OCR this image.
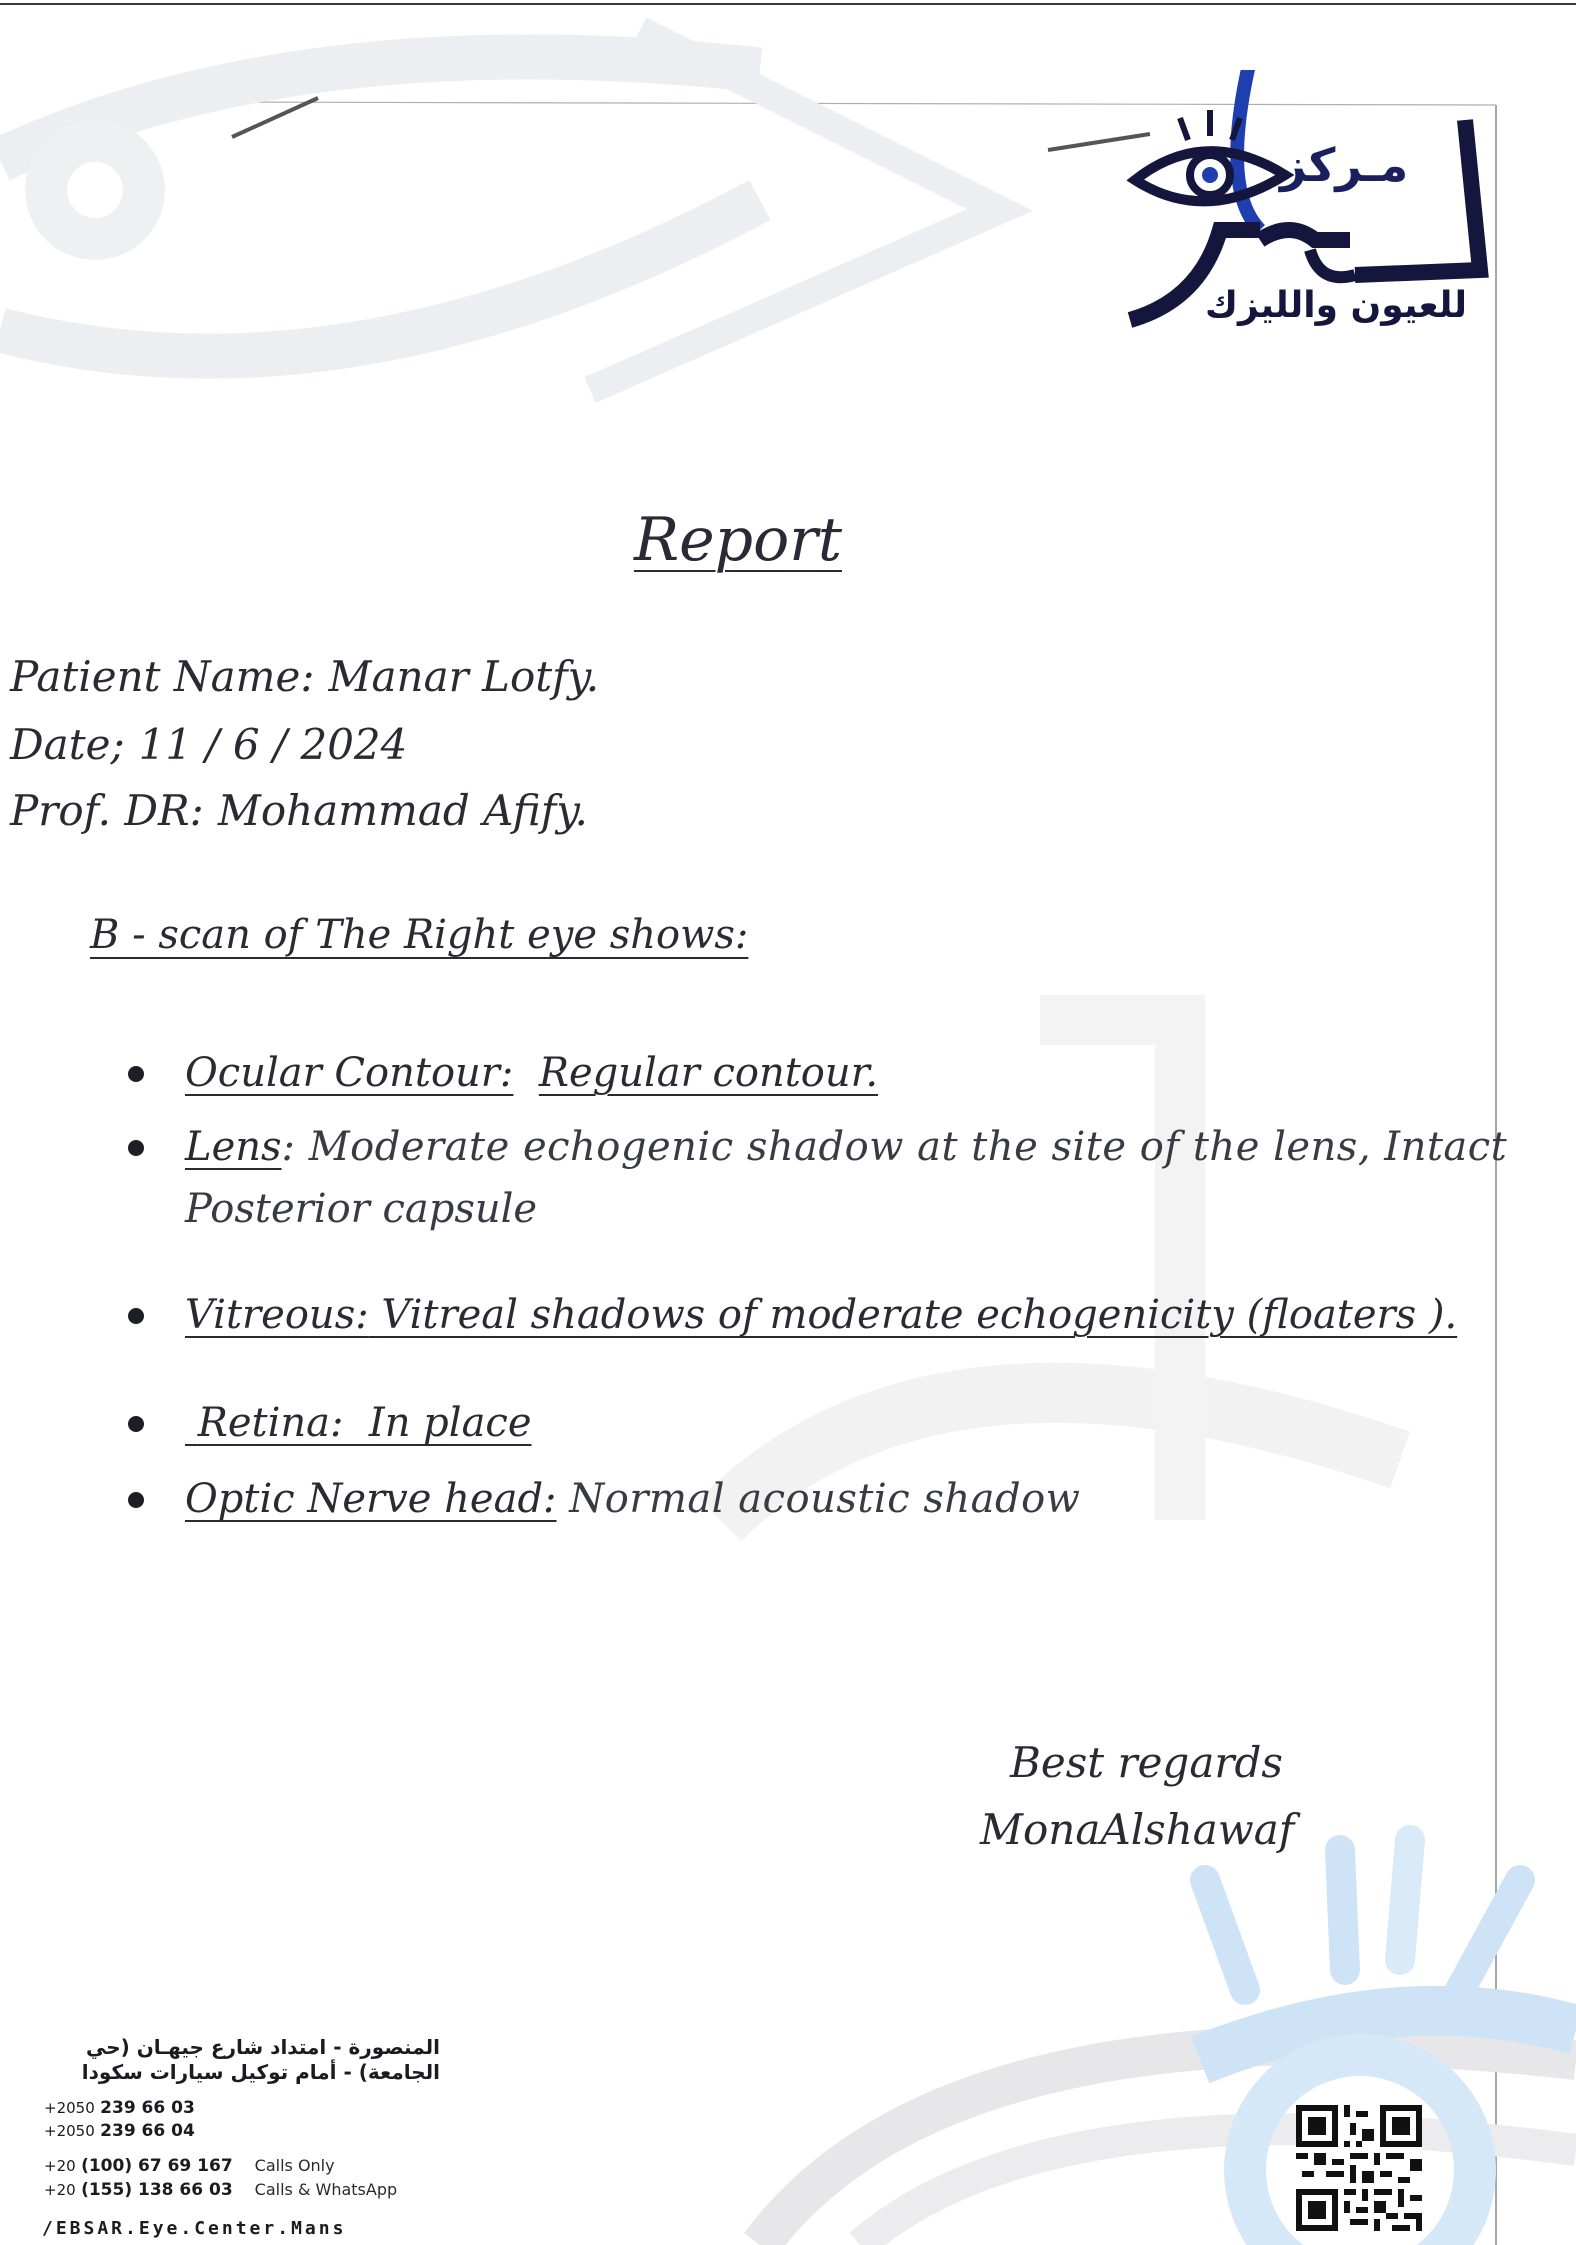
مـركز
للعيون والليزك
Report
Patient Name: Manar Lotfy.
Date; 11 / 6 / 2024
Prof. DR: Mohammad Afify.
B - scan of The Right eye shows:
Ocular Contour: Regular contour.
Lens: Moderate echogenic shadow at the site of the lens, Intact
Posterior capsule
Vitreous: Vitreal shadows of moderate echogenicity (floaters ).
Retina: In place
Optic Nerve head: Normal acoustic shadow
Best regards
MonaAlshawaf
المنصورة - امتداد شارع جيهـان (حي
الجامعة) - أمام توكيل سيارات سكودا
+2050 239 66 03
+2050 239 66 04
+20 (100) 67 69 167 Calls Only
+20 (155) 138 66 03 Calls & WhatsApp
/EBSAR.Eye.Center.Mans
